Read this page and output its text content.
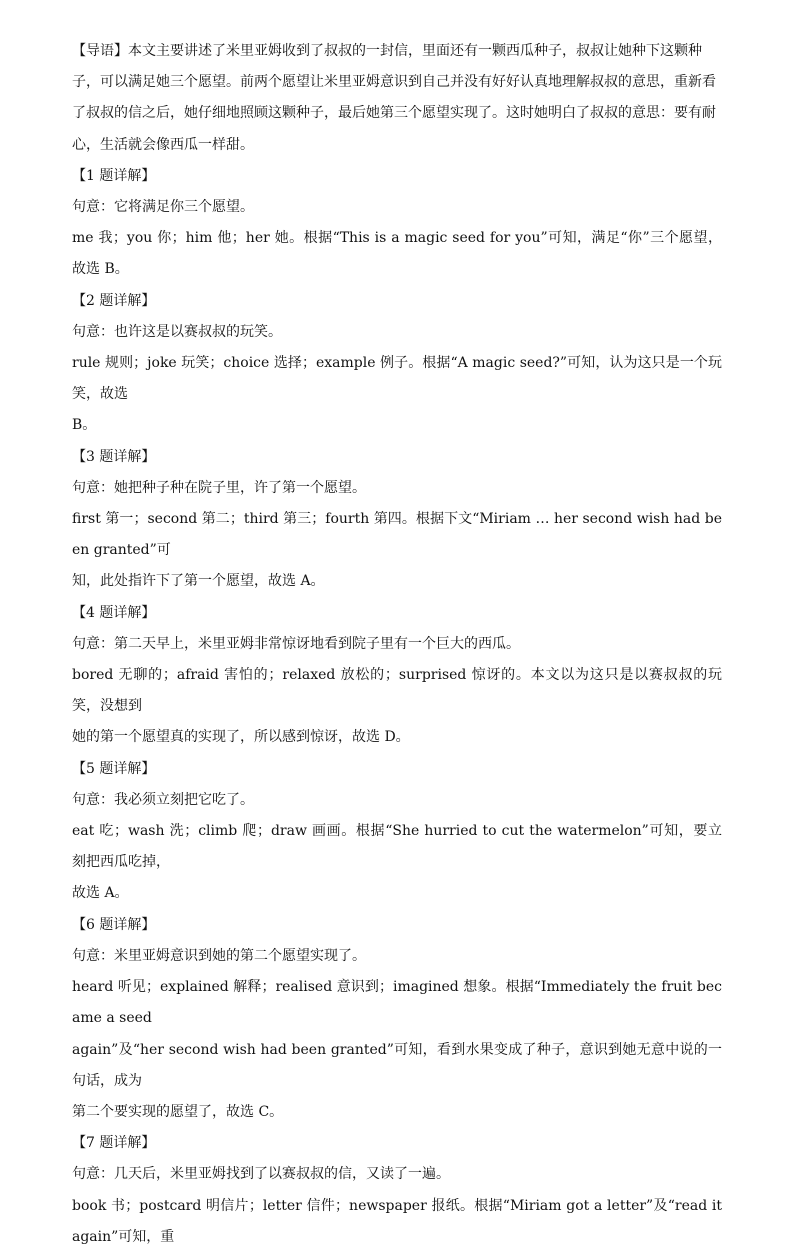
【导语】本文主要讲述了米里亚姆收到了叔叔的一封信，里面还有一颗西瓜种子，叔叔让她种下这颗种

子，可以满足她三个愿望。前两个愿望让米里亚姆意识到自己并没有好好认真地理解叔叔的意思，重新看

了叔叔的信之后，她仔细地照顾这颗种子，最后她第三个愿望实现了。这时她明白了叔叔的意思：要有耐

心，生活就会像西瓜一样甜。

【1 题详解】

句意：它将满足你三个愿望。

me 我；you 你；him 他；her 她。根据“This is a magic seed for you”可知，满足“你”三个愿望，故选 B。

【2 题详解】

句意：也许这是以赛叔叔的玩笑。

rule 规则；joke 玩笑；choice 选择；example 例子。根据“A magic seed?”可知，认为这只是一个玩笑，故选

B。

【3 题详解】

句意：她把种子种在院子里，许了第一个愿望。

first 第一；second 第二；third 第三；fourth 第四。根据下文“Miriam … her second wish had been granted”可

知，此处指许下了第一个愿望，故选 A。

【4 题详解】

句意：第二天早上，米里亚姆非常惊讶地看到院子里有一个巨大的西瓜。

bored 无聊的；afraid 害怕的；relaxed 放松的；surprised 惊讶的。本文以为这只是以赛叔叔的玩笑，没想到

她的第一个愿望真的实现了，所以感到惊讶，故选 D。

【5 题详解】

句意：我必须立刻把它吃了。

eat 吃；wash 洗；climb 爬；draw 画画。根据“She hurried to cut the watermelon”可知，要立刻把西瓜吃掉，

故选 A。

【6 题详解】

句意：米里亚姆意识到她的第二个愿望实现了。

heard 听见；explained 解释；realised 意识到；imagined 想象。根据“Immediately the fruit became a seed

again”及“her second wish had been granted”可知，看到水果变成了种子，意识到她无意中说的一句话，成为

第二个要实现的愿望了，故选 C。

【7 题详解】

句意：几天后，米里亚姆找到了以赛叔叔的信，又读了一遍。

book 书；postcard 明信片；letter 信件；newspaper 报纸。根据“Miriam got a letter”及“read it again”可知，重
